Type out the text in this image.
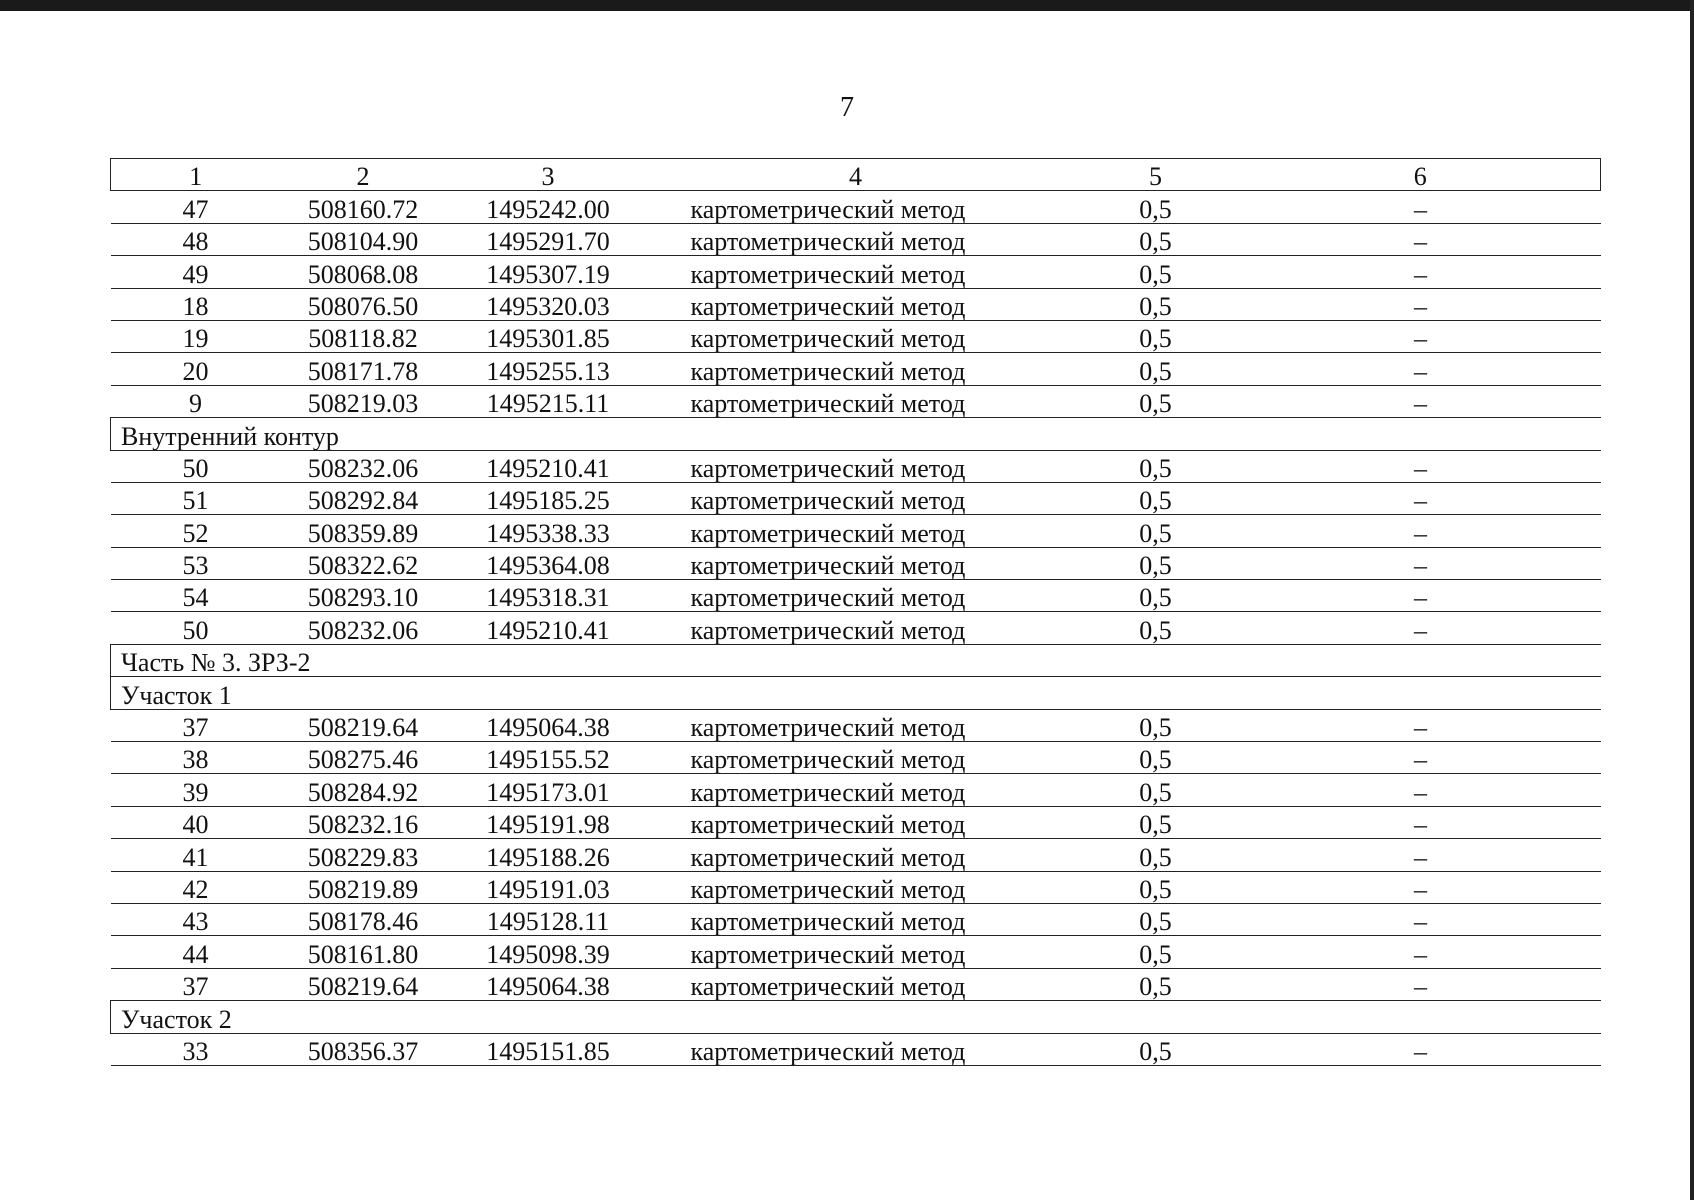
7
1	2	3	4	5	6
47	508160.72	1495242.00	картометрический метод	0,5	–
48	508104.90	1495291.70	картометрический метод	0,5	–
49	508068.08	1495307.19	картометрический метод	0,5	–
18	508076.50	1495320.03	картометрический метод	0,5	–
19	508118.82	1495301.85	картометрический метод	0,5	–
20	508171.78	1495255.13	картометрический метод	0,5	–
9	508219.03	1495215.11	картометрический метод	0,5	–
Внутренний контур					
50	508232.06	1495210.41	картометрический метод	0,5	–
51	508292.84	1495185.25	картометрический метод	0,5	–
52	508359.89	1495338.33	картометрический метод	0,5	–
53	508322.62	1495364.08	картометрический метод	0,5	–
54	508293.10	1495318.31	картометрический метод	0,5	–
50	508232.06	1495210.41	картометрический метод	0,5	–
Часть № 3. ЗРЗ-2					
Участок 1					
37	508219.64	1495064.38	картометрический метод	0,5	–
38	508275.46	1495155.52	картометрический метод	0,5	–
39	508284.92	1495173.01	картометрический метод	0,5	–
40	508232.16	1495191.98	картометрический метод	0,5	–
41	508229.83	1495188.26	картометрический метод	0,5	–
42	508219.89	1495191.03	картометрический метод	0,5	–
43	508178.46	1495128.11	картометрический метод	0,5	–
44	508161.80	1495098.39	картометрический метод	0,5	–
37	508219.64	1495064.38	картометрический метод	0,5	–
Участок 2					
33	508356.37	1495151.85	картометрический метод	0,5	–
